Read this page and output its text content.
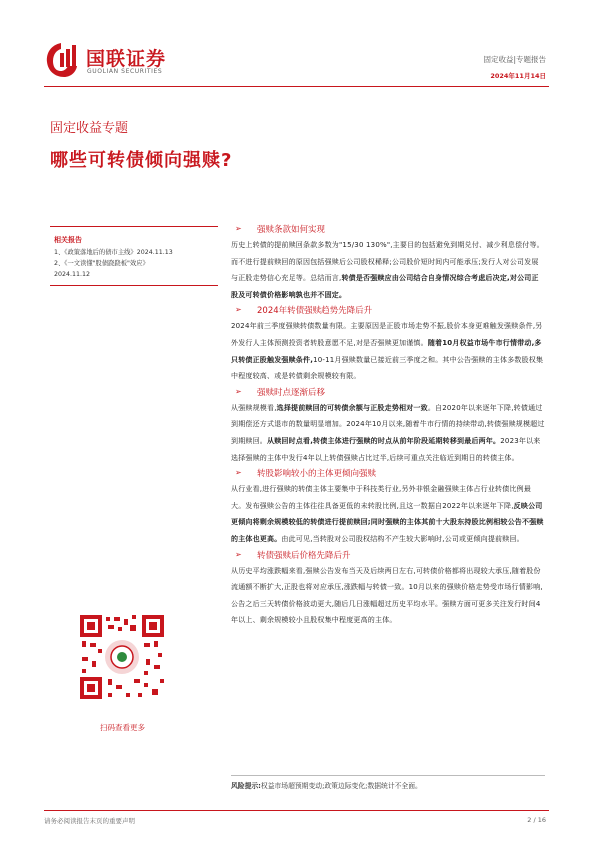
国联证券
GUOLIAN SECURITIES
固定收益|专题报告
2024年11月14日
固定收益专题
哪些可转债倾向强赎?
相关报告
1、《政策落地后的债市主线》2024.11.13
2、《一文读懂"股债跷跷板"效应》
2024.11.12
扫码查看更多
➢ 强赎条款如何实现
历史上转债的提前赎回条款多数为"15/30 130%",主要目的包括避免到期兑付、减少利息偿付等。而不进行提前赎回的原因包括强赎后公司股权稀释;公司股价短时间内可能承压;发行人对公司发展与正股走势信心充足等。总结而言,转债是否强赎应由公司结合自身情况综合考虑后决定,对公司正股及可转债价格影响孰也并不固定。
➢ 2024年转债强赎趋势先降后升
2024年前三季度强赎转债数量有限。主要原因是正股市场走势不振,股价本身更难触发强赎条件,另外发行人主体预测投资者转股意愿不足,对是否强赎更加谨慎。随着10月权益市场牛市行情带动,多只转债正股触发强赎条件,10-11月强赎数量已接近前三季度之和。其中公告强赎的主体多数股权集中程度较高、或是转债剩余规模较有限。
➢ 强赎时点逐渐后移
从强赎规模看,选择提前赎回的可转债余额与正股走势相对一致。自2020年以来逐年下降,转债通过到期偿还方式退市的数量明显增加。2024年10月以来,随着牛市行情的持续带动,转债强赎规模超过到期赎回。从赎回时点看,转债主体进行强赎的时点从前年阶段延期转移到最后两年。2023年以来选择强赎的主体中发行4年以上转债强赎占比过半,后续可重点关注临近到期日的转债主体。
➢ 转股影响较小的主体更倾向强赎
从行业看,进行强赎的转债主体主要集中于科技类行业,另外非银金融强赎主体占行业转债比例最大。发布强赎公告的主体往往具备更低的未转股比例,且这一数据自2022年以来逐年下降,反映公司更倾向将剩余规模较低的转债进行提前赎回;同时强赎的主体其前十大股东持股比例相较公告不强赎的主体也更高。由此可见,当转股对公司股权结构不产生较大影响时,公司或更倾向提前赎回。
➢ 转债强赎后价格先降后升
从历史平均涨跌幅来看,强赎公告发布当天及后续两日左右,可转债价格都将出现较大承压,随着股份流通额不断扩大,正股也将对应承压,涨跌幅与转债一致。10月以来的强赎价格走势受市场行情影响,公告之后三天转债价格波动更大,随后几日涨幅超过历史平均水平。强赎方面可更多关注发行时间4年以上、剩余规模较小且股权集中程度更高的主体。
风险提示:权益市场超预期变动;政策边际变化;数据统计不全面。
请务必阅读报告末页的重要声明	2 / 16
